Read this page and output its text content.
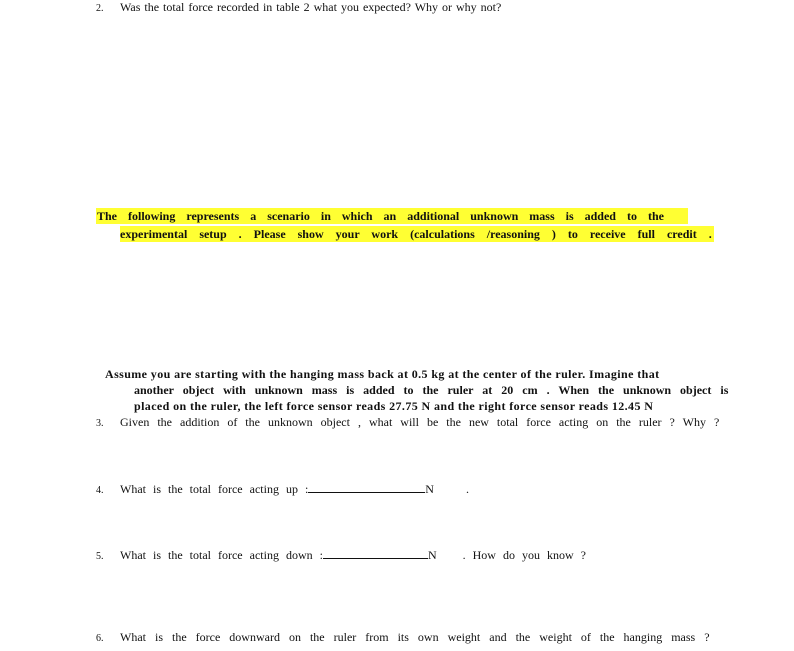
2. Was the total force recorded in table 2 what you expected? Why or why not?
The following represents a scenario in which an additional unknown mass is added to the
experimental setup . Please show your work (calculations /reasoning ) to receive full credit .
Assume you are starting with the hanging mass back at 0.5 kg at the center of the ruler. Imagine that
another object with unknown mass is added to the ruler at 20 cm . When the unknown object is
placed on the ruler, the left force sensor reads 27.75 N and the right force sensor reads 12.45 N
3. Given the addition of the unknown object , what will be the new total force acting on the ruler ? Why ?
4. What is the total force acting up :	N	.
5. What is the total force acting down :	N . How do you know ?
6. What is the force downward on the ruler from its own weight and the weight of the hanging mass ?
